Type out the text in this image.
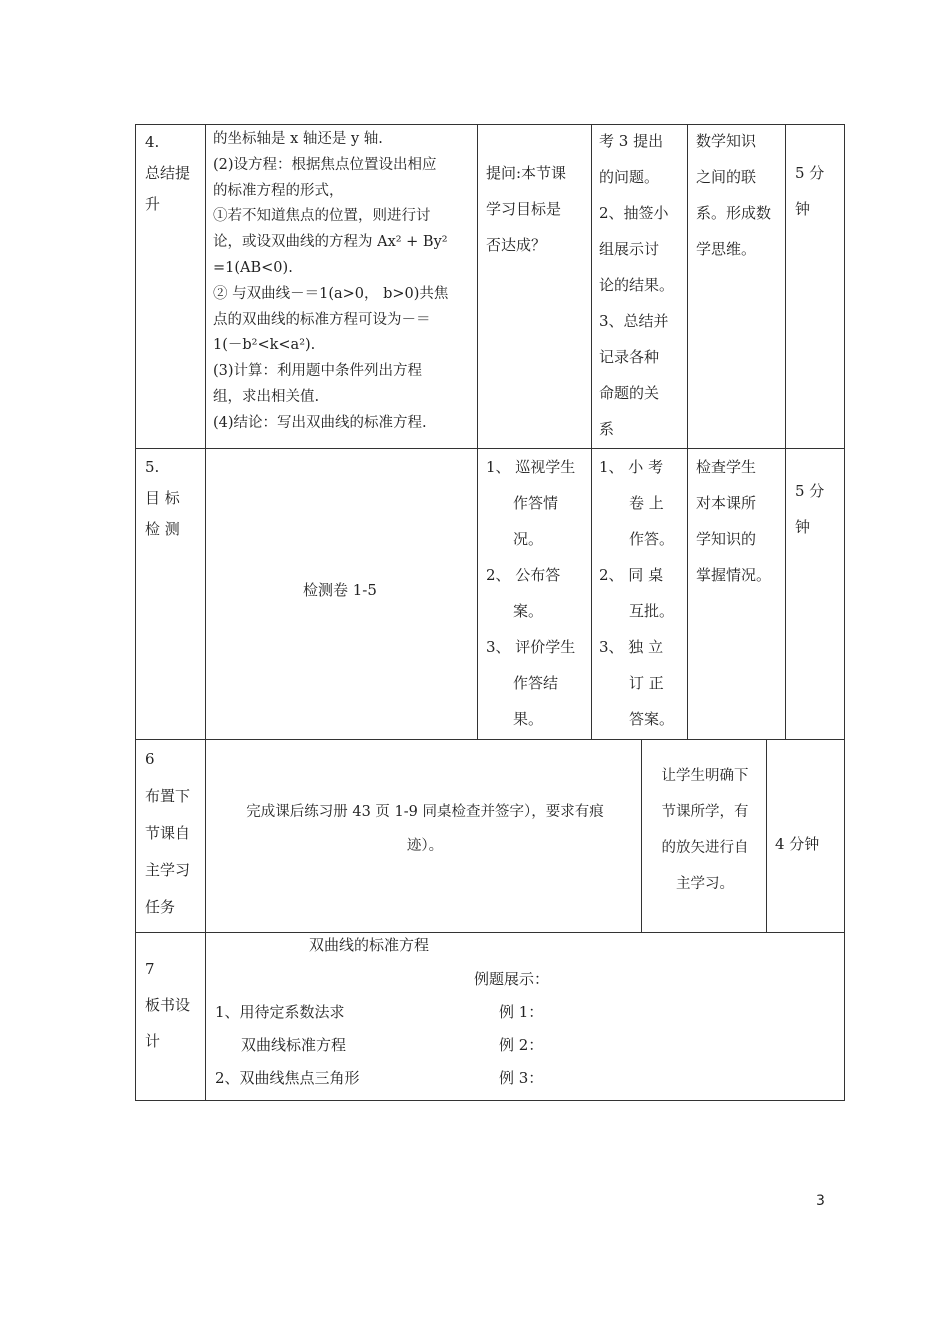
4.
总结提
升
的坐标轴是 x 轴还是 y 轴.
(2)设方程：根据焦点位置设出相应
的标准方程的形式，
①若不知道焦点的位置，则进行讨
论，或设双曲线的方程为 Ax² + By²
=1(AB<0).
② 与双曲线－＝1(a>0， b>0)共焦
点的双曲线的标准方程可设为－＝
1(－b²<k<a²).
(3)计算：利用题中条件列出方程
组，求出相关值.
(4)结论：写出双曲线的标准方程.
提问:本节课
学习目标是
否达成？
考 3 提出
的问题。
2、抽签小
组展示讨
论的结果。
3、总结并
记录各种
命题的关
系
数学知识
之间的联
系。形成数
学思维。
5 分
钟
5.
目 标
检 测
检测卷 1-5
1、 巡视学生
作答情
况。
2、 公布答
案。
3、 评价学生
作答结
果。
1、 小 考
卷 上
作答。
2、 同 桌
互批。
3、 独 立
订 正
答案。
检查学生
对本课所
学知识的
掌握情况。
5 分
钟
6
布置下
节课自
主学习
任务
完成课后练习册 43 页 1-9 同桌检查并签字），要求有痕
迹）。
让学生明确下
节课所学，有
的放矢进行自
主学习。
4 分钟
7
板书设
计
双曲线的标准方程
例题展示：
1、用待定系数法求
双曲线标准方程
2、双曲线焦点三角形
例 1：
例 2：
例 3：
3
